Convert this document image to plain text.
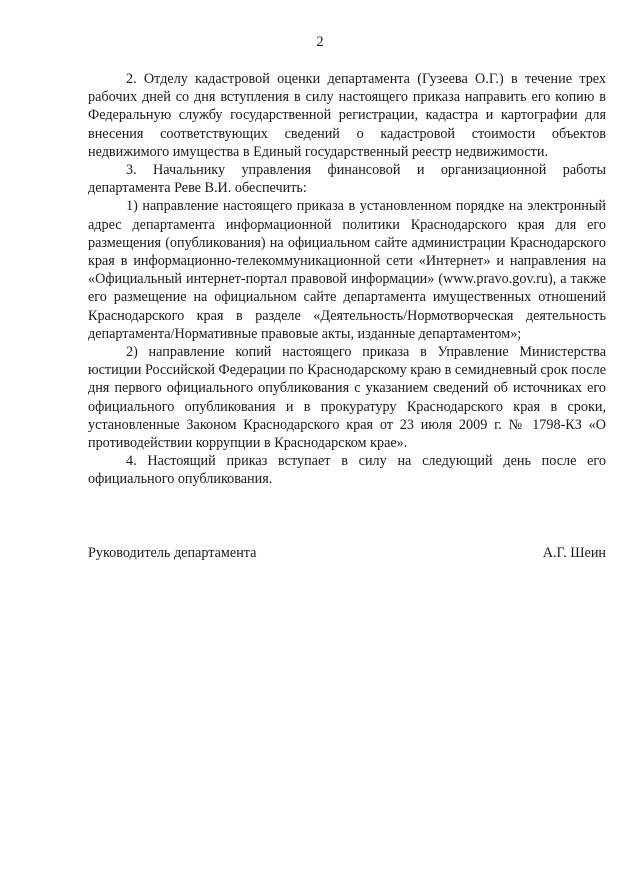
2

2. Отделу кадастровой оценки департамента (Гузеева О.Г.) в течение трех рабочих дней со дня вступления в силу настоящего приказа направить его копию в Федеральную службу государственной регистрации, кадастра и картографии для внесения соответствующих сведений о кадастровой стоимости объектов недвижимого имущества в Единый государственный реестр недвижимости.

3. Начальнику управления финансовой и организационной работы департамента Реве В.И. обеспечить:

1) направление настоящего приказа в установленном порядке на электронный адрес департамента информационной политики Краснодарского края для его размещения (опубликования) на официальном сайте администрации Краснодарского края в информационно-телекоммуникационной сети «Интернет» и направления на «Официальный интернет-портал правовой информации» (www.pravo.gov.ru), а также его размещение на официальном сайте департамента имущественных отношений Краснодарского края в разделе «Деятельность/Нормотворческая деятельность департамента/Нормативные правовые акты, изданные департаментом»;

2) направление копий настоящего приказа в Управление Министерства юстиции Российской Федерации по Краснодарскому краю в семидневный срок после дня первого официального опубликования с указанием сведений об источниках его официального опубликования и в прокуратуру Краснодарского края в сроки, установленные Законом Краснодарского края от 23 июля 2009 г. № 1798-КЗ «О противодействии коррупции в Краснодарском крае».

4. Настоящий приказ вступает в силу на следующий день после его официального опубликования.

Руководитель департамента	А.Г. Шеин
